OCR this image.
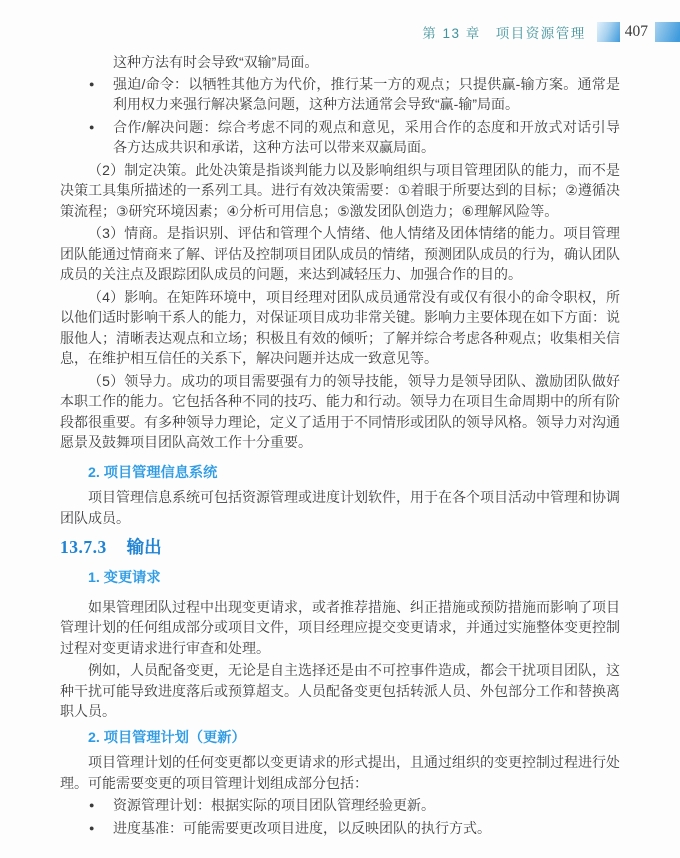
第 13 章　项目资源管理	407

这种方法有时会导致“双输”局面。

● 强迫/命令：以牺牲其他方为代价，推行某一方的观点；只提供赢-输方案。通常是利用权力来强行解决紧急问题，这种方法通常会导致“赢-输”局面。
● 合作/解决问题：综合考虑不同的观点和意见，采用合作的态度和开放式对话引导各方达成共识和承诺，这种方法可以带来双赢局面。

（2）制定决策。此处决策是指谈判能力以及影响组织与项目管理团队的能力，而不是决策工具集所描述的一系列工具。进行有效决策需要：①着眼于所要达到的目标；②遵循决策流程；③研究环境因素；④分析可用信息；⑤激发团队创造力；⑥理解风险等。

（3）情商。是指识别、评估和管理个人情绪、他人情绪及团体情绪的能力。项目管理团队能通过情商来了解、评估及控制项目团队成员的情绪，预测团队成员的行为，确认团队成员的关注点及跟踪团队成员的问题，来达到减轻压力、加强合作的目的。

（4）影响。在矩阵环境中，项目经理对团队成员通常没有或仅有很小的命令职权，所以他们适时影响干系人的能力，对保证项目成功非常关键。影响力主要体现在如下方面：说服他人；清晰表达观点和立场；积极且有效的倾听；了解并综合考虑各种观点；收集相关信息，在维护相互信任的关系下，解决问题并达成一致意见等。

（5）领导力。成功的项目需要强有力的领导技能，领导力是领导团队、激励团队做好本职工作的能力。它包括各种不同的技巧、能力和行动。领导力在项目生命周期中的所有阶段都很重要。有多种领导力理论，定义了适用于不同情形或团队的领导风格。领导力对沟通愿景及鼓舞项目团队高效工作十分重要。

2. 项目管理信息系统

项目管理信息系统可包括资源管理或进度计划软件，用于在各个项目活动中管理和协调团队成员。

13.7.3 输出
1. 变更请求

如果管理团队过程中出现变更请求，或者推荐措施、纠正措施或预防措施而影响了项目管理计划的任何组成部分或项目文件，项目经理应提交变更请求，并通过实施整体变更控制过程对变更请求进行审查和处理。

例如，人员配备变更，无论是自主选择还是由不可控事件造成，都会干扰项目团队，这种干扰可能导致进度落后或预算超支。人员配备变更包括转派人员、外包部分工作和替换离职人员。

2. 项目管理计划（更新）

项目管理计划的任何变更都以变更请求的形式提出，且通过组织的变更控制过程进行处理。可能需要变更的项目管理计划组成部分包括：

● 资源管理计划：根据实际的项目团队管理经验更新。
● 进度基准：可能需要更改项目进度，以反映团队的执行方式。
